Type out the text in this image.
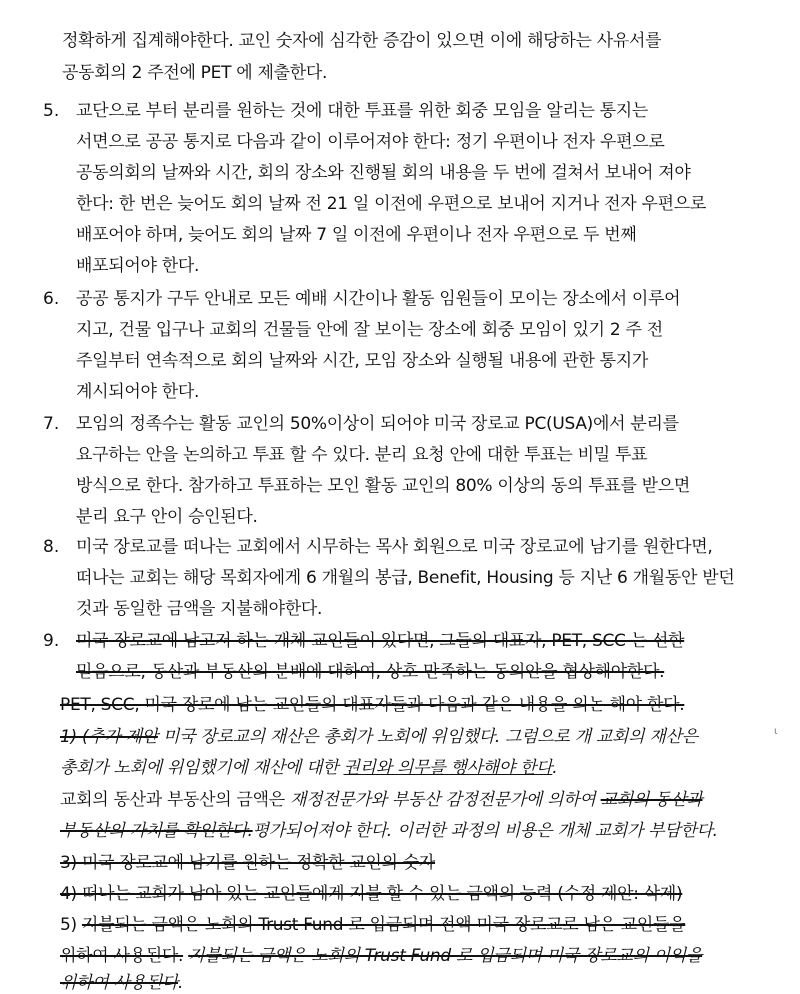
정확하게 집계해야한다. 교인 숫자에 심각한 증감이 있으면 이에 해당하는 사유서를
공동회의 2 주전에 PET 에 제출한다.
5. 교단으로 부터 분리를 원하는 것에 대한 투표를 위한 회중 모임을 알리는 통지는
서면으로 공공 통지로 다음과 같이 이루어져야 한다: 정기 우편이나 전자 우편으로
공동의회의 날짜와 시간, 회의 장소와 진행될 회의 내용을 두 번에 걸쳐서 보내어 져야
한다: 한 번은 늦어도 회의 날짜 전 21 일 이전에 우편으로 보내어 지거나 전자 우편으로
배포어야 하며, 늦어도 회의 날짜 7 일 이전에 우편이나 전자 우편으로 두 번째
배포되어야 한다.
6. 공공 통지가 구두 안내로 모든 예배 시간이나 활동 임원들이 모이는 장소에서 이루어
지고, 건물 입구나 교회의 건물들 안에 잘 보이는 장소에 회중 모임이 있기 2 주 전
주일부터 연속적으로 회의 날짜와 시간, 모임 장소와 실행될 내용에 관한 통지가
계시되어야 한다.
7. 모임의 정족수는 활동 교인의 50%이상이 되어야 미국 장로교 PC(USA)에서 분리를
요구하는 안을 논의하고 투표 할 수 있다. 분리 요청 안에 대한 투표는 비밀 투표
방식으로 한다. 참가하고 투표하는 모인 활동 교인의 80% 이상의 동의 투표를 받으면
분리 요구 안이 승인된다.
8. 미국 장로교를 떠나는 교회에서 시무하는 목사 회원으로 미국 장로교에 남기를 원한다면,
떠나는 교회는 해당 목회자에게 6 개월의 봉급, Benefit, Housing 등 지난 6 개월동안 받던
것과 동일한 금액을 지불해야한다.
9. 미국 장로교에 남고저 하는 개체 교인들이 있다면, 그들의 대표자, PET, SCC 는 선한
믿음으로, 동산과 부동산의 분배에 대하여, 상호 만족하는 동의안을 협상해야한다.
PET, SCC, 미국 장로에 남는 교인들의 대표자들과 다음과 같은 내용을 의논 해야 한다.
1) (추가 제안 미국 장로교의 재산은 총회가 노회에 위임했다. 그럼으로 개 교회의 재산은
총회가 노회에 위임했기에 재산에 대한 권리와 의무를 행사해야 한다.
ι
교회의 동산과 부동산의 금액은 재정전문가와 부동산 감정전문가에 의하여 교회의 동산과
부동산의 가치를 확인한다.평가되어져야 한다. 이러한 과정의 비용은 개체 교회가 부담한다.
3) 미국 장로교에 남기를 원하는 정확한 교인의 숫자
4) 떠나는 교회가 남아 있는 교인들에게 지불 할 수 있는 금액의 능력 (수정 제안: 삭제)
5) 지불되는 금액은 노회의 Trust Fund 로 입금되며 전액 미국 장로교로 남은 교인들을
위하여 사용된다. 지불되는 금액은 노회의 Trust Fund 로 입금되며 미국 장로교의 이익을
위하여 사용된다.
